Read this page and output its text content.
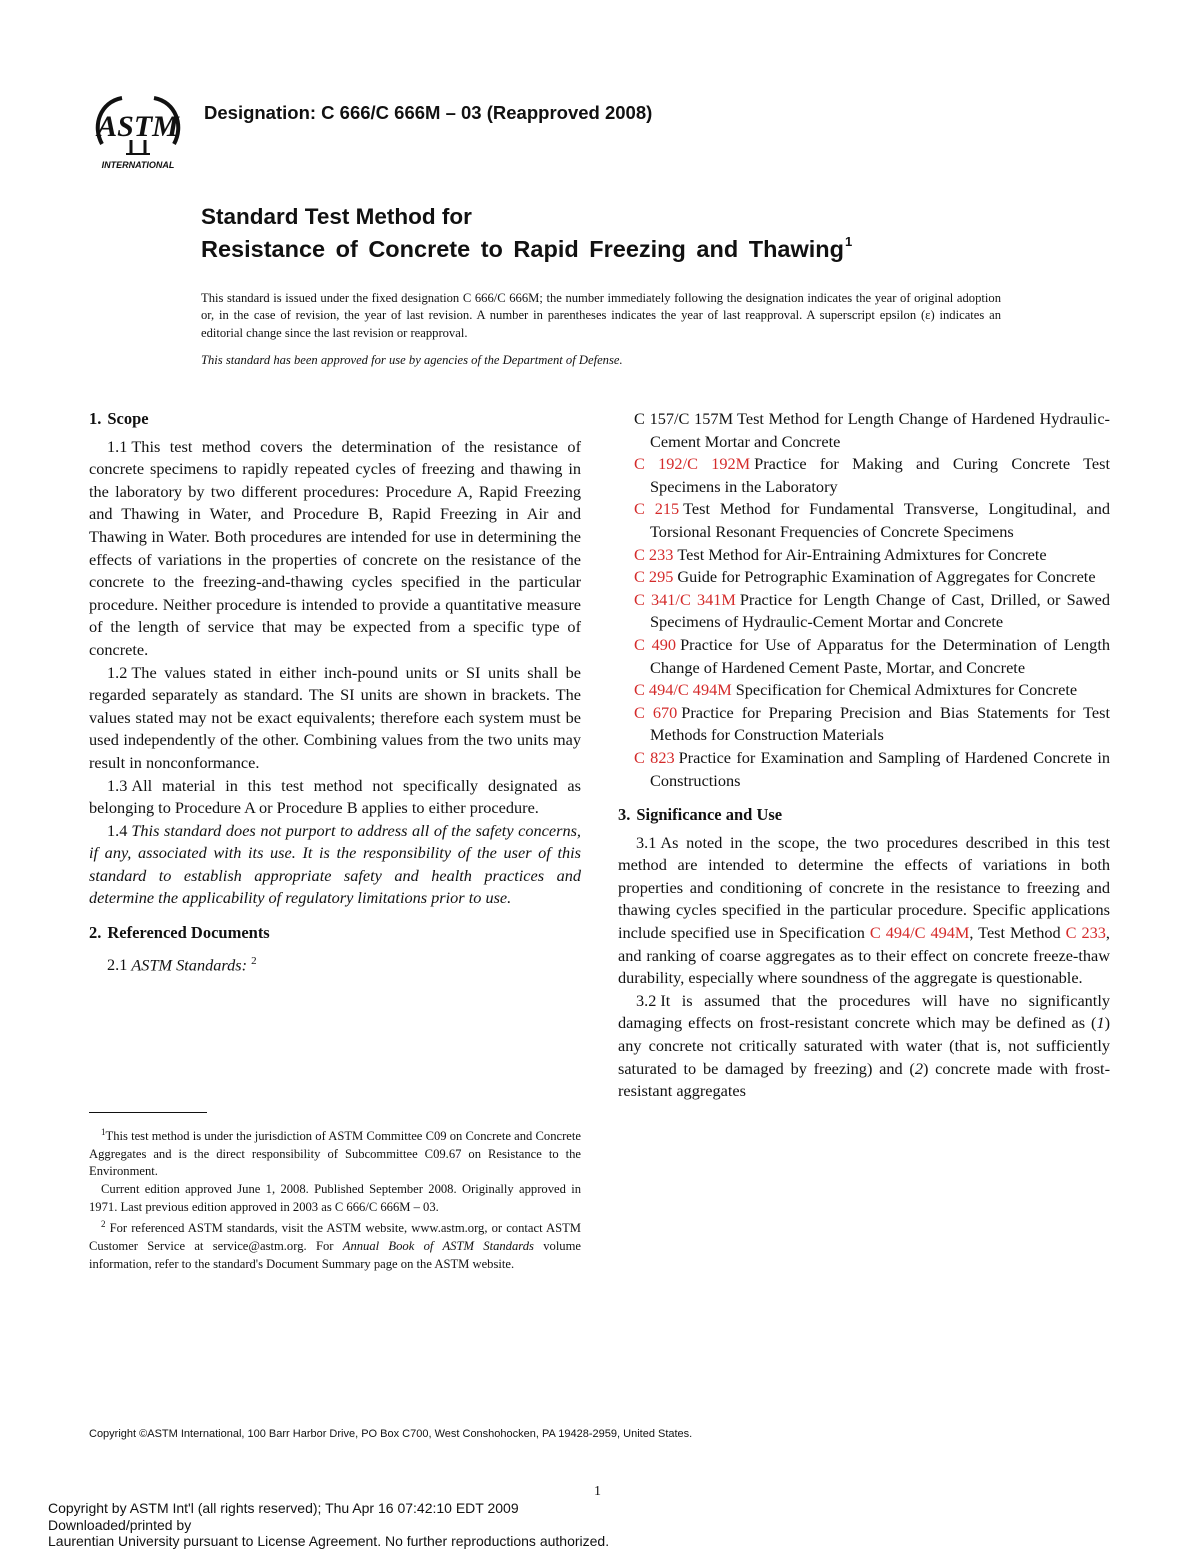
ASTM
INTERNATIONAL
Designation: C 666/C 666M – 03 (Reapproved 2008)
Standard Test Method for
Resistance of Concrete to Rapid Freezing and Thawing$^1$
This standard is issued under the fixed designation C 666/C 666M; the number immediately following the designation indicates the year of original adoption or, in the case of revision, the year of last revision. A number in parentheses indicates the year of last reapproval. A superscript epsilon (ε) indicates an editorial change since the last revision or reapproval.
This standard has been approved for use by agencies of the Department of Defense.
1. Scope

1.1 This test method covers the determination of the resistance of concrete specimens to rapidly repeated cycles of freezing and thawing in the laboratory by two different procedures: Procedure A, Rapid Freezing and Thawing in Water, and Procedure B, Rapid Freezing in Air and Thawing in Water. Both procedures are intended for use in determining the effects of variations in the properties of concrete on the resistance of the concrete to the freezing-and-thawing cycles specified in the particular procedure. Neither procedure is intended to provide a quantitative measure of the length of service that may be expected from a specific type of concrete.

1.2 The values stated in either inch-pound units or SI units shall be regarded separately as standard. The SI units are shown in brackets. The values stated may not be exact equivalents; therefore each system must be used independently of the other. Combining values from the two units may result in nonconformance.

1.3 All material in this test method not specifically designated as belonging to Procedure A or Procedure B applies to either procedure.

1.4 This standard does not purport to address all of the safety concerns, if any, associated with its use. It is the responsibility of the user of this standard to establish appropriate safety and health practices and determine the applicability of regulatory limitations prior to use.

2. Referenced Documents

2.1 ASTM Standards: $^2$

$^1$This test method is under the jurisdiction of ASTM Committee C09 on Concrete and Concrete Aggregates and is the direct responsibility of Subcommittee C09.67 on Resistance to the Environment.

Current edition approved June 1, 2008. Published September 2008. Originally approved in 1971. Last previous edition approved in 2003 as C 666/C 666M – 03.

$^2$ For referenced ASTM standards, visit the ASTM website, www.astm.org, or contact ASTM Customer Service at service@astm.org. For Annual Book of ASTM Standards volume information, refer to the standard's Document Summary page on the ASTM website.

C 157/C 157M Test Method for Length Change of Hardened Hydraulic-Cement Mortar and Concrete

C 192/C 192M Practice for Making and Curing Concrete Test Specimens in the Laboratory

C 215 Test Method for Fundamental Transverse, Longitudinal, and Torsional Resonant Frequencies of Concrete Specimens

C 233 Test Method for Air-Entraining Admixtures for Concrete

C 295 Guide for Petrographic Examination of Aggregates for Concrete

C 341/C 341M Practice for Length Change of Cast, Drilled, or Sawed Specimens of Hydraulic-Cement Mortar and Concrete

C 490 Practice for Use of Apparatus for the Determination of Length Change of Hardened Cement Paste, Mortar, and Concrete

C 494/C 494M Specification for Chemical Admixtures for Concrete

C 670 Practice for Preparing Precision and Bias Statements for Test Methods for Construction Materials

C 823 Practice for Examination and Sampling of Hardened Concrete in Constructions

3. Significance and Use

3.1 As noted in the scope, the two procedures described in this test method are intended to determine the effects of variations in both properties and conditioning of concrete in the resistance to freezing and thawing cycles specified in the particular procedure. Specific applications include specified use in Specification C 494/C 494M, Test Method C 233, and ranking of coarse aggregates as to their effect on concrete freeze-thaw durability, especially where soundness of the aggregate is questionable.

3.2 It is assumed that the procedures will have no significantly damaging effects on frost-resistant concrete which may be defined as (1) any concrete not critically saturated with water (that is, not sufficiently saturated to be damaged by freezing) and (2) concrete made with frost-resistant aggregates

Copyright ©ASTM International, 100 Barr Harbor Drive, PO Box C700, West Conshohocken, PA 19428-2959, United States.
1
Copyright by ASTM Int'l (all rights reserved); Thu Apr 16 07:42:10 EDT 2009
Downloaded/printed by
Laurentian University pursuant to License Agreement. No further reproductions authorized.
